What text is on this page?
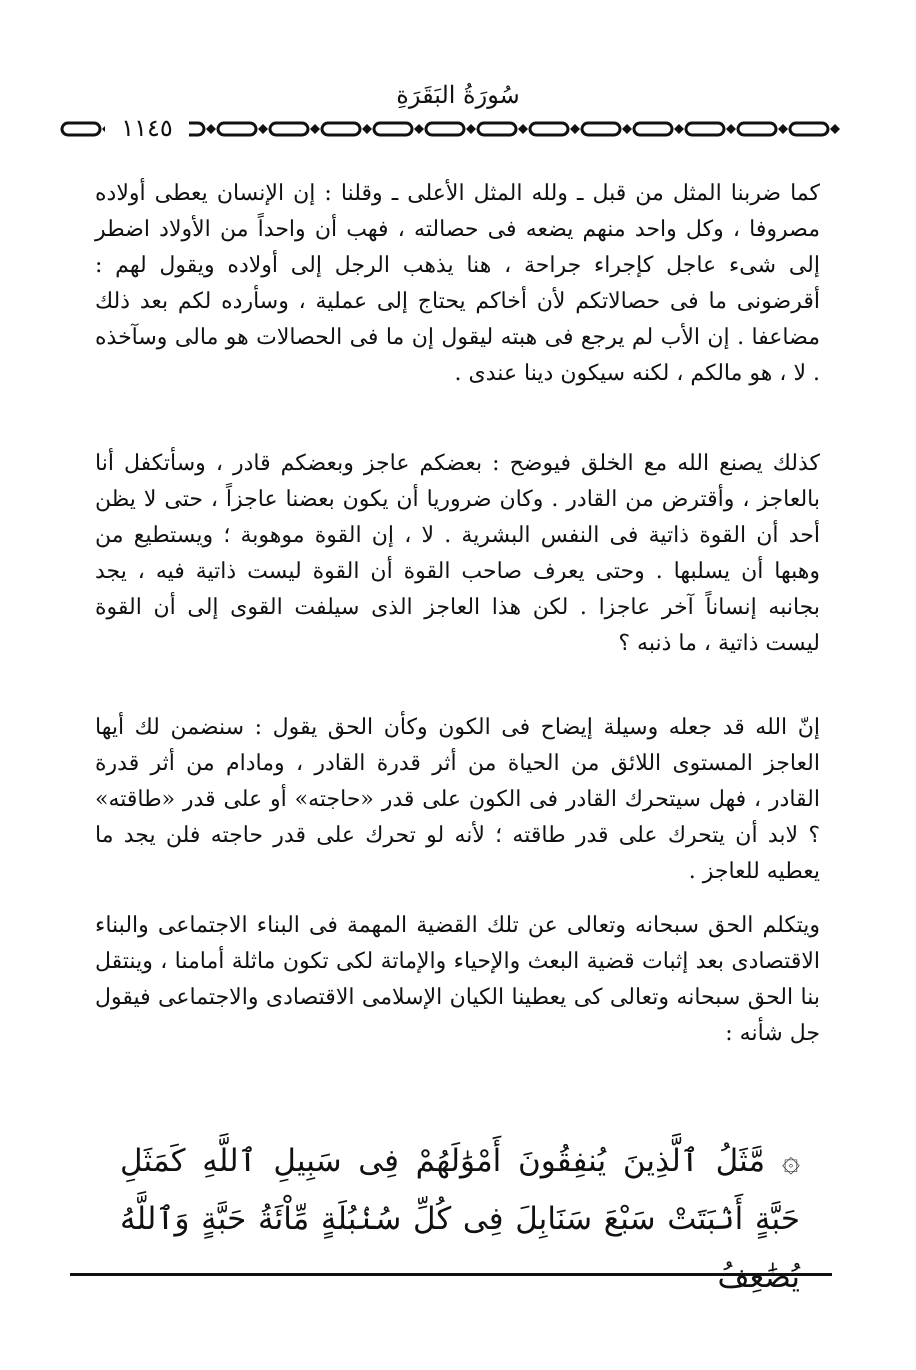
سُورَةُ البَقَرَةِ
١١٤٥

كما ضربنا المثل من قبل ـ ولله المثل الأعلى ـ وقلنا : إن الإنسان يعطى أولاده مصروفا ، وكل واحد منهم يضعه فى حصالته ، فهب أن واحداً من الأولاد اضطر إلى شىء عاجل كإجراء جراحة ، هنا يذهب الرجل إلى أولاده ويقول لهم : أقرضونى ما فى حصالاتكم لأن أخاكم يحتاج إلى عملية ، وسأرده لكم بعد ذلك مضاعفا . إن الأب لم يرجع فى هبته ليقول إن ما فى الحصالات هو مالى وسآخذه . لا ، هو مالكم ، لكنه سيكون دينا عندى .

كذلك يصنع الله مع الخلق فيوضح : بعضكم عاجز وبعضكم قادر ، وسأتكفل أنا بالعاجز ، وأقترض من القادر . وكان ضروريا أن يكون بعضنا عاجزاً ، حتى لا يظن أحد أن القوة ذاتية فى النفس البشرية . لا ، إن القوة موهوبة ؛ ويستطيع من وهبها أن يسلبها . وحتى يعرف صاحب القوة أن القوة ليست ذاتية فيه ، يجد بجانبه إنساناً آخر عاجزا . لكن هذا العاجز الذى سيلفت القوى إلى أن القوة ليست ذاتية ، ما ذنبه ؟

إنّ الله قد جعله وسيلة إيضاح فى الكون وكأن الحق يقول : سنضمن لك أيها العاجز المستوى اللائق من الحياة من أثر قدرة القادر ، ومادام من أثر قدرة القادر ، فهل سيتحرك القادر فى الكون على قدر «حاجته» أو على قدر «طاقته» ؟ لابد أن يتحرك على قدر طاقته ؛ لأنه لو تحرك على قدر حاجته فلن يجد ما يعطيه للعاجز .

ويتكلم الحق سبحانه وتعالى عن تلك القضية المهمة فى البناء الاجتماعى والبناء الاقتصادى بعد إثبات قضية البعث والإحياء والإماتة لكى تكون ماثلة أمامنا ، وينتقل بنا الحق سبحانه وتعالى كى يعطينا الكيان الإسلامى الاقتصادى والاجتماعى فيقول جل شأنه :

۞ مَّثَلُ ٱلَّذِينَ يُنفِقُونَ أَمْوَٰلَهُمْ فِى سَبِيلِ ٱللَّهِ كَمَثَلِ حَبَّةٍ أَنۢبَتَتْ سَبْعَ سَنَابِلَ فِى كُلِّ سُنۢبُلَةٍ مِّاْئَةُ حَبَّةٍ وَٱللَّهُ يُضَٰعِفُ
